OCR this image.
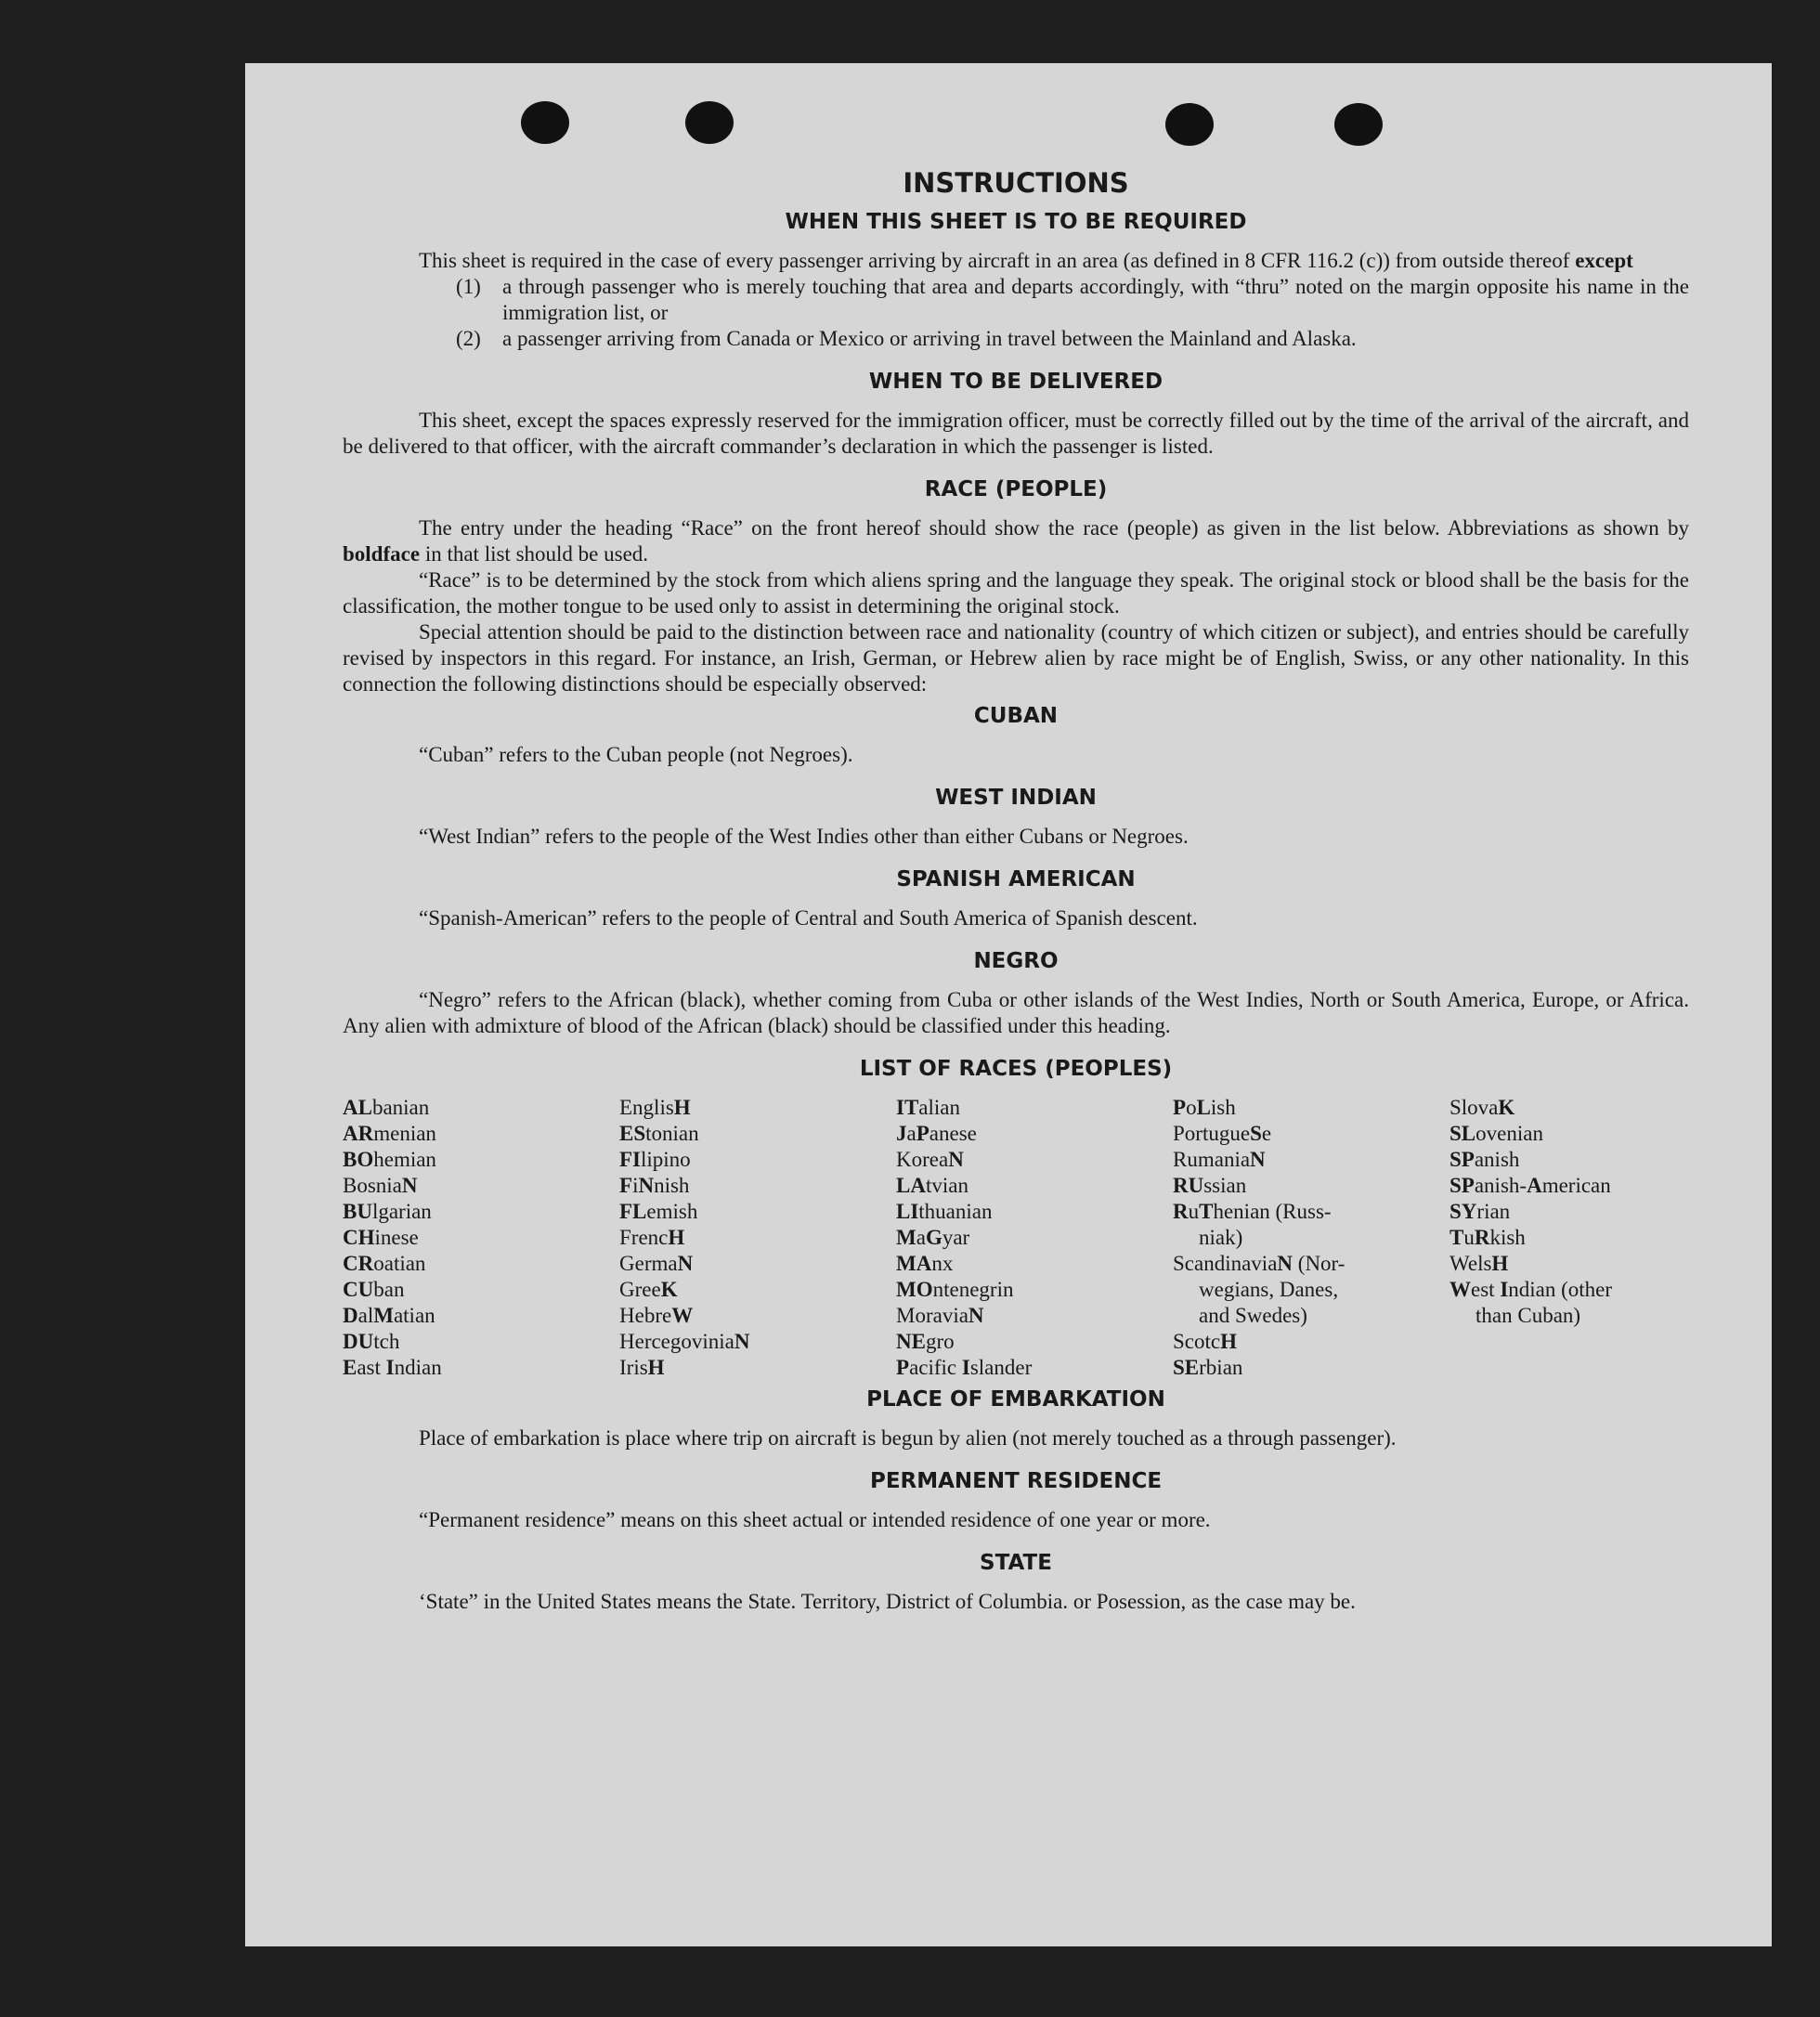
INSTRUCTIONS
WHEN THIS SHEET IS TO BE REQUIRED

This sheet is required in the case of every passenger arriving by aircraft in an area (as defined in 8 CFR 116.2 (c)) from outside thereof except

(1)	a through passenger who is merely touching that area and departs accordingly, with “thru” noted on the margin opposite his name in the immigration list, or
(2)	a passenger arriving from Canada or Mexico or arriving in travel between the Mainland and Alaska.
WHEN TO BE DELIVERED

This sheet, except the spaces expressly reserved for the immigration officer, must be correctly filled out by the time of the arrival of the aircraft, and be delivered to that officer, with the aircraft commander’s declaration in which the passenger is listed.

RACE (PEOPLE)

The entry under the heading “Race” on the front hereof should show the race (people) as given in the list below. Abbreviations as shown by boldface in that list should be used.

“Race” is to be determined by the stock from which aliens spring and the language they speak. The original stock or blood shall be the basis for the classification, the mother tongue to be used only to assist in determining the original stock.

Special attention should be paid to the distinction between race and nationality (country of which citizen or subject), and entries should be carefully revised by inspectors in this regard. For instance, an Irish, German, or Hebrew alien by race might be of English, Swiss, or any other nationality. In this connection the following distinctions should be especially observed:

CUBAN

“Cuban” refers to the Cuban people (not Negroes).

WEST INDIAN

“West Indian” refers to the people of the West Indies other than either Cubans or Negroes.

SPANISH AMERICAN

“Spanish-American” refers to the people of Central and South America of Spanish descent.

NEGRO

“Negro” refers to the African (black), whether coming from Cuba or other islands of the West Indies, North or South America, Europe, or Africa. Any alien with admixture of blood of the African (black) should be classified under this heading.

LIST OF RACES (PEOPLES)
ALbanian
ARmenian
BOhemian
BosniaN
BUlgarian
CHinese
CRoatian
CUban
DalMatian
DUtch
East Indian
EnglisH
EStonian
FIlipino
FiNnish
FLemish
FrencH
GermaN
GreeK
HebreW
HercegoviniaN
IrisH
ITalian
JaPanese
KoreaN
LAtvian
LIthuanian
MaGyar
MAnx
MOntenegrin
MoraviaN
NEgro
Pacific Islander
PoLish
PortugueSe
RumaniaN
RUssian
RuThenian (Russ-
niak)
ScandinaviaN (Nor-
wegians, Danes,
and Swedes)
ScotcH
SErbian
SlovaK
SLovenian
SPanish
SPanish-American
SYrian
TuRkish
WelsH
West Indian (other
than Cuban)
PLACE OF EMBARKATION

Place of embarkation is place where trip on aircraft is begun by alien (not merely touched as a through passenger).

PERMANENT RESIDENCE

“Permanent residence” means on this sheet actual or intended residence of one year or more.

STATE

‘State” in the United States means the State. Territory, District of Columbia. or Posession, as the case may be.
